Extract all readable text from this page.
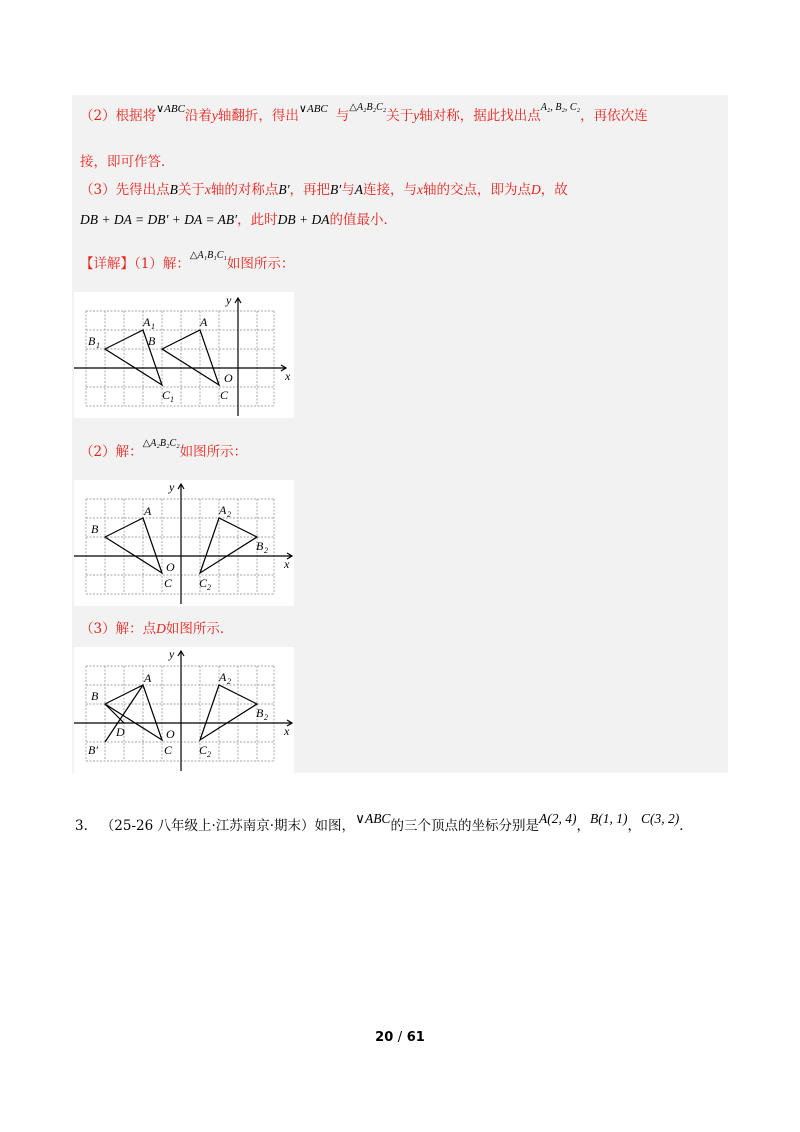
（2）根据将$^{\vee ABC}$沿着y轴翻折，得出$^{\vee ABC}$ 与$^{\triangle A_2B_2C_2}$关于y轴对称，据此找出点$^{A_2, B_2, C_2}$，再依次连
接，即可作答．
（3）先得出点B关于x轴的对称点B′，再把B′与A连接，与x轴的交点，即为点D，故
DB + DA = DB′ + DA = AB′，此时DB + DA的值最小．
【详解】（1）解：$^{\triangle A_1B_1C_1}$如图所示：
y
x
O
A 1
B 1	B
A
C 1	C
（2）解：$^{\triangle A_2B_2C_2}$如图所示：
y
x
O
A
B
C
A 2
B 2
C 2
（3）解：点D如图所示．
y
x
O
A
B
C
D
B′
A 2
B 2
C 2
3. （25-26 八年级上·江苏南京·期末）如图，∨ABC的三个顶点的坐标分别是A(2, 4)，B(1, 1)，C(3, 2)．
20 / 61
